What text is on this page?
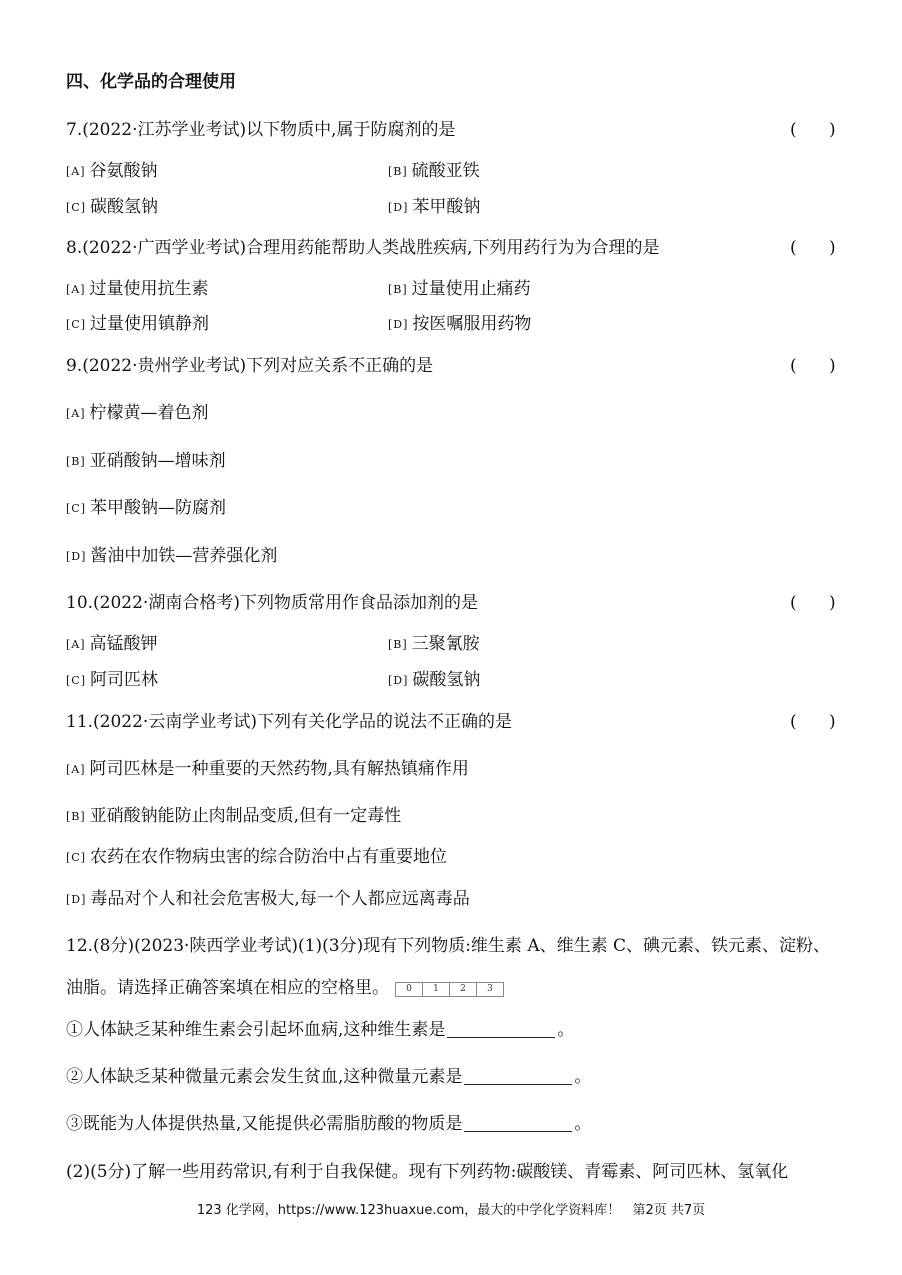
四、化学品的合理使用
7.(2022·江苏学业考试)以下物质中,属于防腐剂的是	(      )
[A] 谷氨酸钠	[B] 硫酸亚铁
[C] 碳酸氢钠	[D] 苯甲酸钠
8.(2022·广西学业考试)合理用药能帮助人类战胜疾病,下列用药行为为合理的是	(      )
[A] 过量使用抗生素	[B] 过量使用止痛药
[C] 过量使用镇静剂	[D] 按医嘱服用药物
9.(2022·贵州学业考试)下列对应关系不正确的是	(      )
[A] 柠檬黄—着色剂
[B] 亚硝酸钠—增味剂
[C] 苯甲酸钠—防腐剂
[D] 酱油中加铁—营养强化剂
10.(2022·湖南合格考)下列物质常用作食品添加剂的是	(      )
[A] 高锰酸钾	[B] 三聚氰胺
[C] 阿司匹林	[D] 碳酸氢钠
11.(2022·云南学业考试)下列有关化学品的说法不正确的是	(      )
[A] 阿司匹林是一种重要的天然药物,具有解热镇痛作用
[B] 亚硝酸钠能防止肉制品变质,但有一定毒性
[C] 农药在农作物病虫害的综合防治中占有重要地位
[D] 毒品对个人和社会危害极大,每一个人都应远离毒品
12.(8分)(2023·陕西学业考试)(1)(3分)现有下列物质:维生素 A、维生素 C、碘元素、铁元素、淀粉、
油脂。请选择正确答案填在相应的空格里。	0	1	2	3
①人体缺乏某种维生素会引起坏血病,这种维生素是	。
②人体缺乏某种微量元素会发生贫血,这种微量元素是	。
③既能为人体提供热量,又能提供必需脂肪酸的物质是	。
(2)(5分)了解一些用药常识,有利于自我保健。现有下列药物:碳酸镁、青霉素、阿司匹林、氢氧化
123 化学网，https://www.123huaxue.com，最大的中学化学资料库！ 第2页 共7页
